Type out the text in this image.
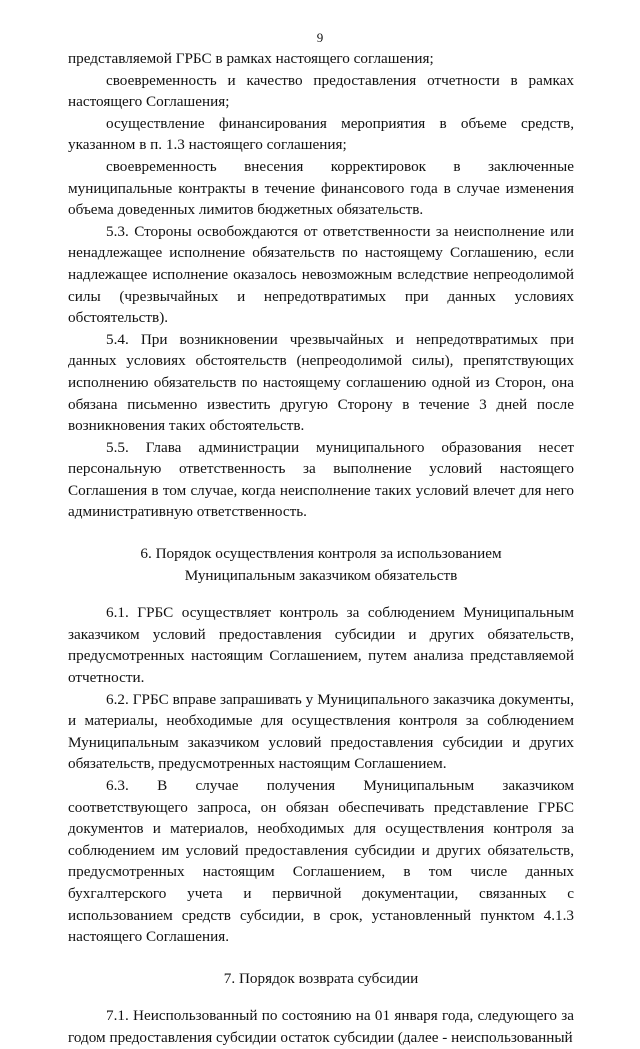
9

представляемой ГРБС в рамках настоящего соглашения;

своевременность и качество предоставления отчетности в рамках настоящего Соглашения;

осуществление финансирования мероприятия в объеме средств, указанном в п. 1.3 настоящего соглашения;

своевременность внесения корректировок в заключенные муниципальные контракты в течение финансового года в случае изменения объема доведенных лимитов бюджетных обязательств.

5.3. Стороны освобождаются от ответственности за неисполнение или ненадлежащее исполнение обязательств по настоящему Соглашению, если надлежащее исполнение оказалось невозможным вследствие непреодолимой силы (чрезвычайных и непредотвратимых при данных условиях обстоятельств).

5.4. При возникновении чрезвычайных и непредотвратимых при данных условиях обстоятельств (непреодолимой силы), препятствующих исполнению обязательств по настоящему соглашению одной из Сторон, она обязана письменно известить другую Сторону в течение 3 дней после возникновения таких обстоятельств.

5.5. Глава администрации муниципального образования несет персональную ответственность за выполнение условий настоящего Соглашения в том случае, когда неисполнение таких условий влечет для него административную ответственность.

6. Порядок осуществления контроля за использованием
Муниципальным заказчиком обязательств

6.1. ГРБС осуществляет контроль за соблюдением Муниципальным заказчиком условий предоставления субсидии и других обязательств, предусмотренных настоящим Соглашением, путем анализа представляемой отчетности.

6.2. ГРБС вправе запрашивать у Муниципального заказчика документы, и материалы, необходимые для осуществления контроля за соблюдением Муниципальным заказчиком условий предоставления субсидии и других обязательств, предусмотренных настоящим Соглашением.

6.3. В случае получения Муниципальным заказчиком соответствующего запроса, он обязан обеспечивать представление ГРБС документов и материалов, необходимых для осуществления контроля за соблюдением им условий предоставления субсидии и других обязательств, предусмотренных настоящим Соглашением, в том числе данных бухгалтерского учета и первичной документации, связанных с использованием средств субсидии, в срок, установленный пунктом 4.1.3 настоящего Соглашения.

7. Порядок возврата субсидии

7.1. Неиспользованный по состоянию на 01 января года, следующего за годом предоставления субсидии остаток субсидии (далее - неиспользованный
